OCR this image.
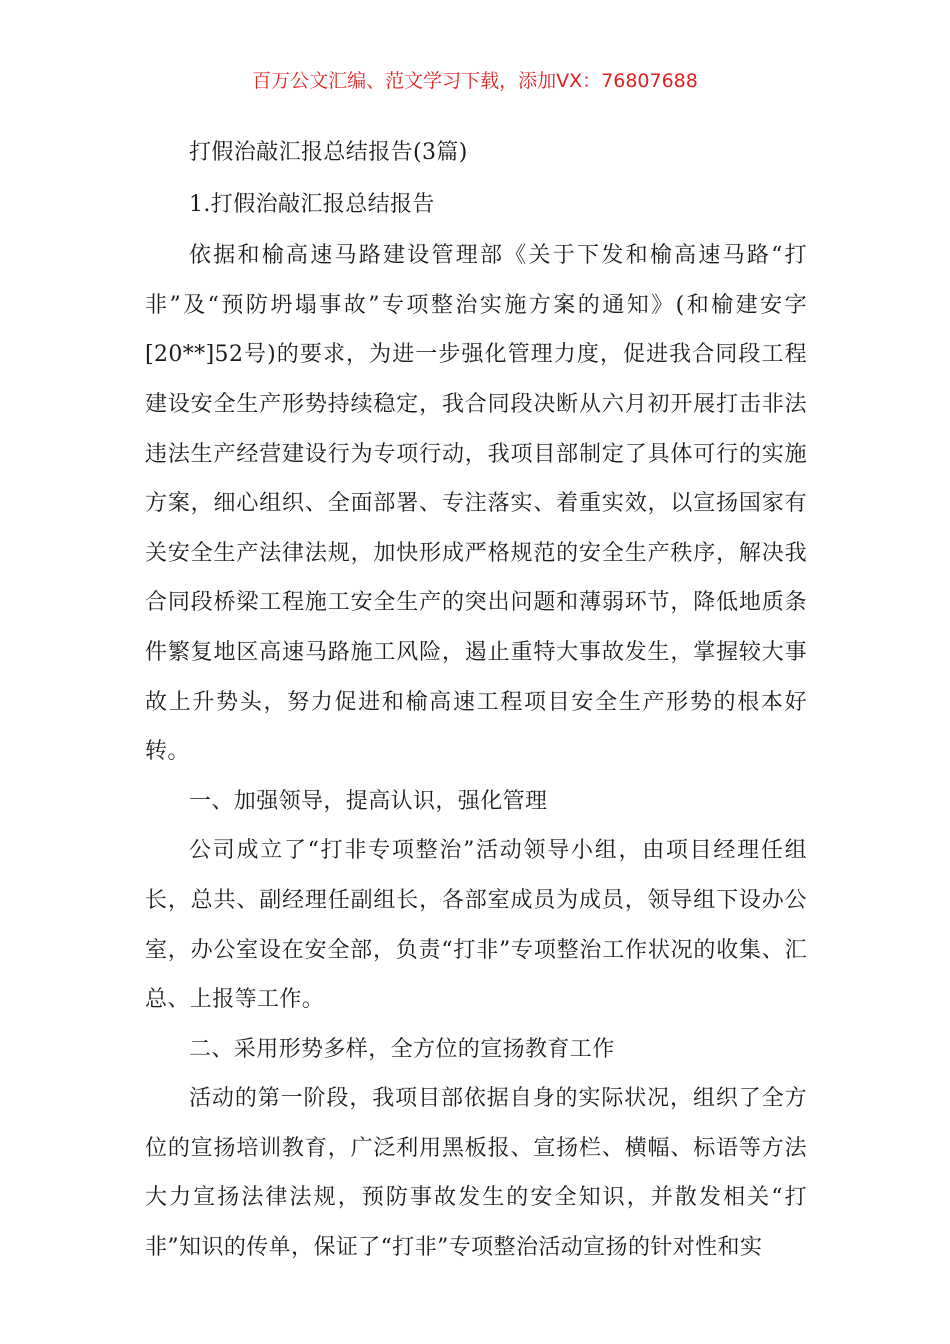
百万公文汇编、范文学习下载，添加VX：76807688

打假治敲汇报总结报告(3篇)

1.打假治敲汇报总结报告

依据和榆高速马路建设管理部《关于下发和榆高速马路“打非”及“预防坍塌事故”专项整治实施方案的通知》(和榆建安字[20**]52号)的要求，为进一步强化管理力度，促进我合同段工程建设安全生产形势持续稳定，我合同段决断从六月初开展打击非法违法生产经营建设行为专项行动，我项目部制定了具体可行的实施方案，细心组织、全面部署、专注落实、着重实效，以宣扬国家有关安全生产法律法规，加快形成严格规范的安全生产秩序，解决我合同段桥梁工程施工安全生产的突出问题和薄弱环节，降低地质条件繁复地区高速马路施工风险，遏止重特大事故发生，掌握较大事故上升势头，努力促进和榆高速工程项目安全生产形势的根本好转。

一、加强领导，提高认识，强化管理

公司成立了“打非专项整治”活动领导小组，由项目经理任组长，总共、副经理任副组长，各部室成员为成员，领导组下设办公室，办公室设在安全部，负责“打非”专项整治工作状况的收集、汇总、上报等工作。

二、采用形势多样，全方位的宣扬教育工作

活动的第一阶段，我项目部依据自身的实际状况，组织了全方位的宣扬培训教育，广泛利用黑板报、宣扬栏、横幅、标语等方法大力宣扬法律法规，预防事故发生的安全知识，并散发相关“打非”知识的传单，保证了“打非”专项整治活动宣扬的针对性和实
